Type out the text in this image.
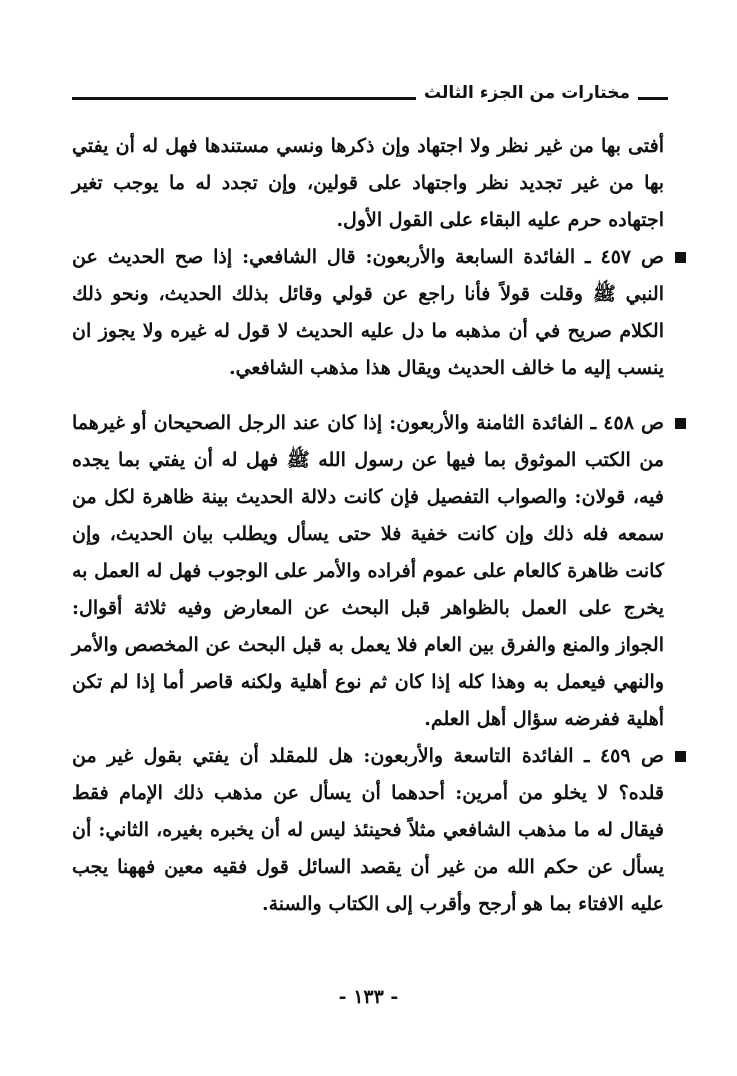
مختارات من الجزء الثالث

أفتى بها من غير نظر ولا اجتهاد وإن ذكرها ونسي مستندها فهل له أن يفتي بها من غير تجديد نظر واجتهاد على قولين، وإن تجدد له ما يوجب تغير اجتهاده حرم عليه البقاء على القول الأول.

ص ٤٥٧ ـ الفائدة السابعة والأربعون: قال الشافعي: إذا صح الحديث عن النبي ﷺ وقلت قولاً فأنا راجع عن قولي وقائل بذلك الحديث، ونحو ذلك الكلام صريح في أن مذهبه ما دل عليه الحديث لا قول له غيره ولا يجوز ان ينسب إليه ما خالف الحديث ويقال هذا مذهب الشافعي.

ص ٤٥٨ ـ الفائدة الثامنة والأربعون: إذا كان عند الرجل الصحيحان أو غيرهما من الكتب الموثوق بما فيها عن رسول الله ﷺ فهل له أن يفتي بما يجده فيه، قولان: والصواب التفصيل فإن كانت دلالة الحديث بينة ظاهرة لكل من سمعه فله ذلك وإن كانت خفية فلا حتى يسأل ويطلب بيان الحديث، وإن كانت ظاهرة كالعام على عموم أفراده والأمر على الوجوب فهل له العمل به يخرج على العمل بالظواهر قبل البحث عن المعارض وفيه ثلاثة أقوال: الجواز والمنع والفرق بين العام فلا يعمل به قبل البحث عن المخصص والأمر والنهي فيعمل به وهذا كله إذا كان ثم نوع أهلية ولكنه قاصر أما إذا لم تكن أهلية ففرضه سؤال أهل العلم.

ص ٤٥٩ ـ الفائدة التاسعة والأربعون: هل للمقلد أن يفتي بقول غير من قلده؟ لا يخلو من أمرين: أحدهما أن يسأل عن مذهب ذلك الإمام فقط فيقال له ما مذهب الشافعي مثلاً فحينئذ ليس له أن يخبره بغيره، الثاني: أن يسأل عن حكم الله من غير أن يقصد السائل قول فقيه معين فههنا يجب عليه الافتاء بما هو أرجح وأقرب إلى الكتاب والسنة.

- ١٣٣ -
